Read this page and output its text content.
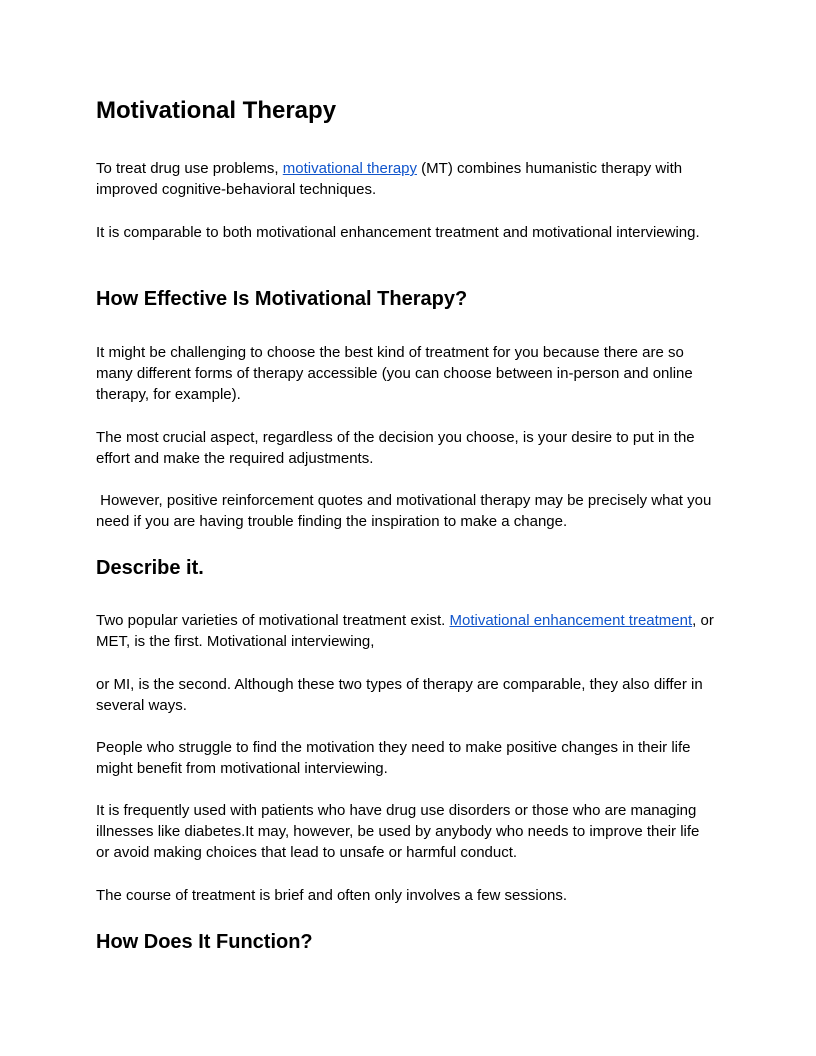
Motivational Therapy

To treat drug use problems, motivational therapy (MT) combines humanistic therapy with improved cognitive-behavioral techniques.

It is comparable to both motivational enhancement treatment and motivational interviewing.

How Effective Is Motivational Therapy?

It might be challenging to choose the best kind of treatment for you because there are so many different forms of therapy accessible (you can choose between in-person and online therapy, for example).

The most crucial aspect, regardless of the decision you choose, is your desire to put in the effort and make the required adjustments.

However, positive reinforcement quotes and motivational therapy may be precisely what you need if you are having trouble finding the inspiration to make a change.

Describe it.

Two popular varieties of motivational treatment exist. Motivational enhancement treatment, or MET, is the first. Motivational interviewing,

or MI, is the second. Although these two types of therapy are comparable, they also differ in several ways.

People who struggle to find the motivation they need to make positive changes in their life might benefit from motivational interviewing.

It is frequently used with patients who have drug use disorders or those who are managing illnesses like diabetes.It may, however, be used by anybody who needs to improve their life or avoid making choices that lead to unsafe or harmful conduct.

The course of treatment is brief and often only involves a few sessions.

How Does It Function?
